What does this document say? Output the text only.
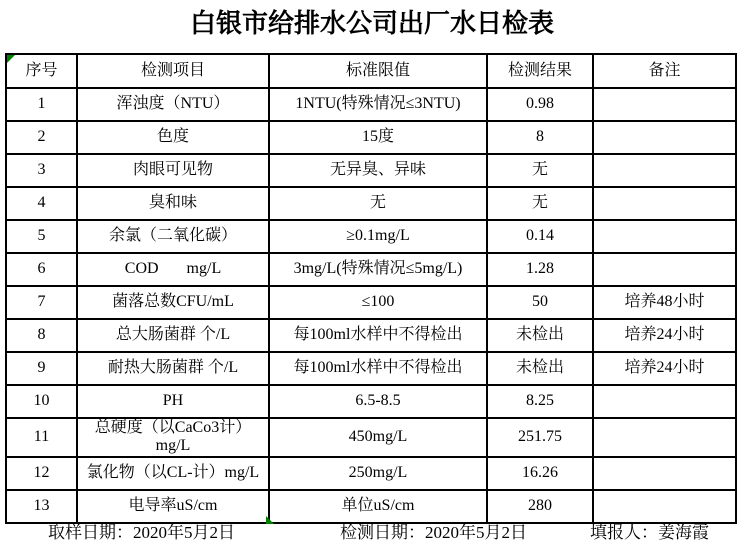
白银市给排水公司出厂水日检表
序号	检测项目	标准限值	检测结果	备注
1	浑浊度（NTU）	1NTU(特殊情况≤3NTU)	0.98	
2	色度	15度	8	
3	肉眼可见物	无异臭、异味	无	
4	臭和味	无	无	
5	余氯（二氧化碳）	≥0.1mg/L	0.14	
6	COD       mg/L	3mg/L(特殊情况≤5mg/L)	1.28	
7	菌落总数CFU/mL	≤100	50	培养48小时
8	总大肠菌群 个/L	每100ml水样中不得检出	未检出	培养24小时
9	耐热大肠菌群 个/L	每100ml水样中不得检出	未检出	培养24小时
10	PH	6.5-8.5	8.25	
11	总硬度（以CaCo3计）mg/L	450mg/L	251.75	
12	氯化物（以CL-计）mg/L	250mg/L	16.26	
13	电导率uS/cm	单位uS/cm	280	
取样日期：2020年5月2日	检测日期：2020年5月2日	填报人：姜海霞
